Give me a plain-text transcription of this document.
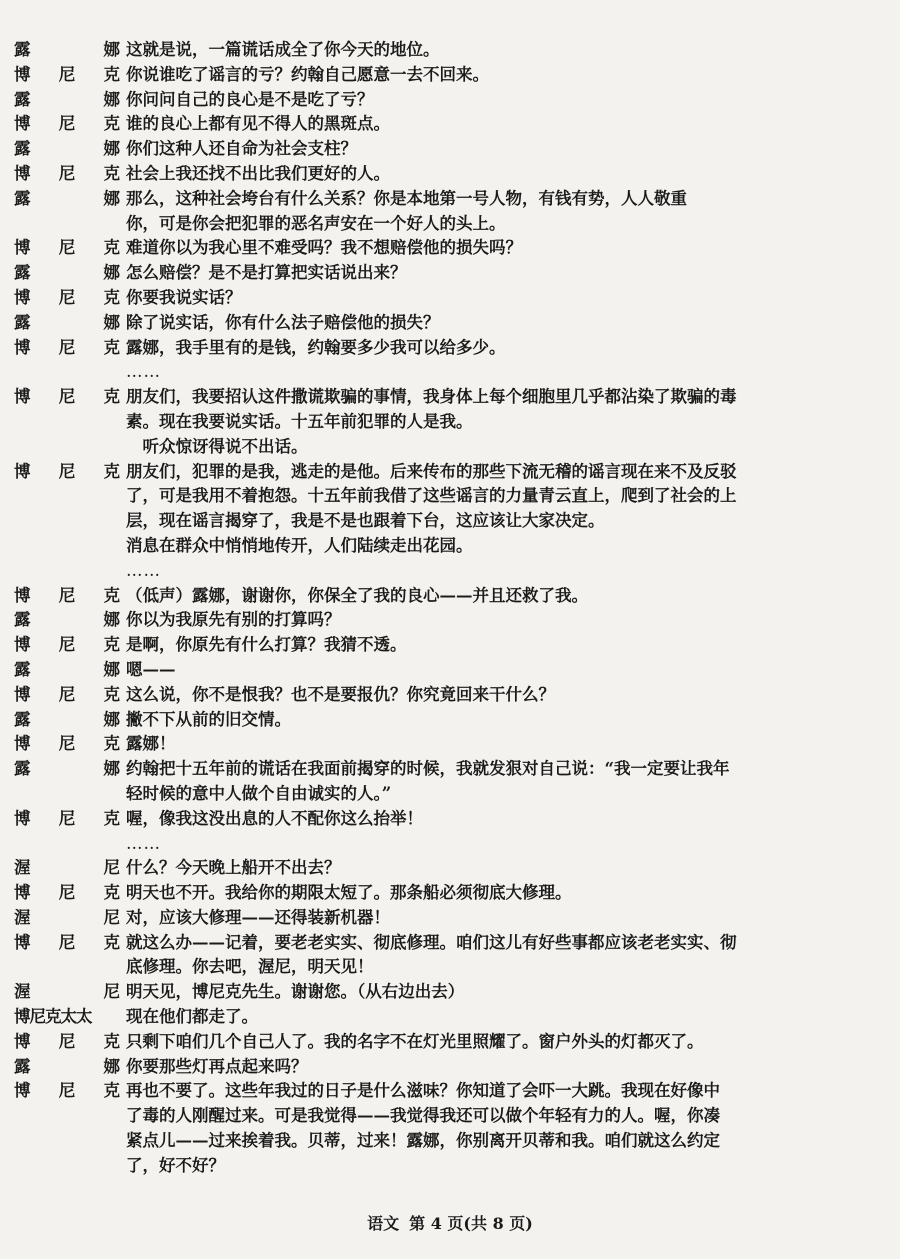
露	娜 这就是说，一篇谎话成全了你今天的地位。
博 尼 克 你说谁吃了谣言的亏？约翰自己愿意一去不回来。
露	娜 你问问自己的良心是不是吃了亏？
博 尼 克 谁的良心上都有见不得人的黑斑点。
露	娜 你们这种人还自命为社会支柱？
博 尼 克 社会上我还找不出比我们更好的人。
露	娜 那么，这种社会垮台有什么关系？你是本地第一号人物，有钱有势，人人敬重
你，可是你会把犯罪的恶名声安在一个好人的头上。
博 尼 克 难道你以为我心里不难受吗？我不想赔偿他的损失吗？
露	娜 怎么赔偿？是不是打算把实话说出来？
博 尼 克 你要我说实话？
露	娜 除了说实话，你有什么法子赔偿他的损失？
博 尼 克 露娜，我手里有的是钱，约翰要多少我可以给多少。
……
博 尼 克 朋友们，我要招认这件撒谎欺骗的事情，我身体上每个细胞里几乎都沾染了欺骗的毒
素。现在我要说实话。十五年前犯罪的人是我。
　听众惊讶得说不出话。
博 尼 克 朋友们，犯罪的是我，逃走的是他。后来传布的那些下流无稽的谣言现在来不及反驳
了，可是我用不着抱怨。十五年前我借了这些谣言的力量青云直上，爬到了社会的上
层，现在谣言揭穿了，我是不是也跟着下台，这应该让大家决定。
消息在群众中悄悄地传开，人们陆续走出花园。
……
博 尼 克 （低声）露娜，谢谢你，你保全了我的良心——并且还救了我。
露	娜 你以为我原先有别的打算吗？
博 尼 克 是啊，你原先有什么打算？我猜不透。
露	娜 嗯——
博 尼 克 这么说，你不是恨我？也不是要报仇？你究竟回来干什么？
露	娜 撇不下从前的旧交情。
博 尼 克 露娜！
露	娜 约翰把十五年前的谎话在我面前揭穿的时候，我就发狠对自己说：“我一定要让我年
轻时候的意中人做个自由诚实的人。”
博 尼 克 喔，像我这没出息的人不配你这么抬举！
……
渥	尼 什么？今天晚上船开不出去？
博 尼 克 明天也不开。我给你的期限太短了。那条船必须彻底大修理。
渥	尼 对，应该大修理——还得装新机器！
博 尼 克 就这么办——记着，要老老实实、彻底修理。咱们这儿有好些事都应该老老实实、彻
底修理。你去吧，渥尼，明天见！
渥	尼 明天见，博尼克先生。谢谢您。（从右边出去）
博尼克太太 现在他们都走了。
博 尼 克 只剩下咱们几个自己人了。我的名字不在灯光里照耀了。窗户外头的灯都灭了。
露	娜 你要那些灯再点起来吗？
博 尼 克 再也不要了。这些年我过的日子是什么滋味？你知道了会吓一大跳。我现在好像中
了毒的人刚醒过来。可是我觉得——我觉得我还可以做个年轻有力的人。喔，你凑
紧点儿——过来挨着我。贝蒂，过来！露娜，你别离开贝蒂和我。咱们就这么约定
了，好不好？
语文 第 4 页(共 8 页)
